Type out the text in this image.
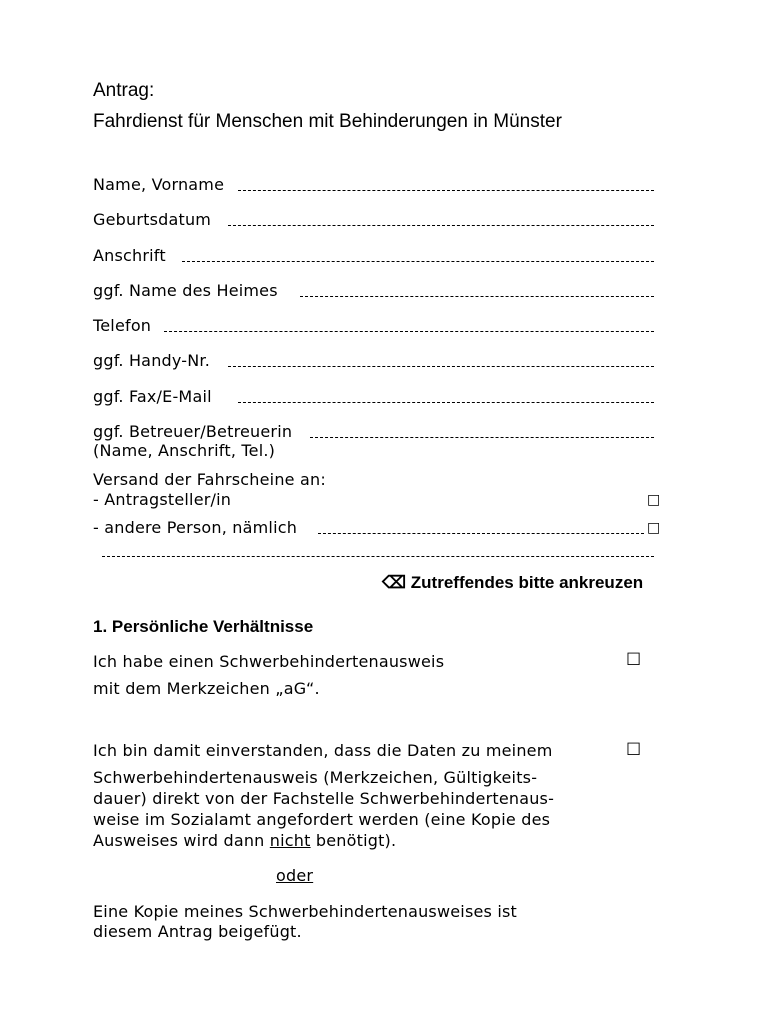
Antrag:
Fahrdienst für Menschen mit Behinderungen in Münster
Name, Vorname
Geburtsdatum
Anschrift
ggf. Name des Heimes
Telefon
ggf. Handy-Nr.
ggf. Fax/E-Mail
ggf. Betreuer/Betreuerin
(Name, Anschrift, Tel.)
Versand der Fahrscheine an:
- Antragsteller/in	□
- andere Person, nämlich	□
⌫ Zutreffendes bitte ankreuzen
1. Persönliche Verhältnisse
Ich habe einen Schwerbehindertenausweis	☐
mit dem Merkzeichen „aG“.
Ich bin damit einverstanden, dass die Daten zu meinem	☐
Schwerbehindertenausweis (Merkzeichen, Gültigkeits-
dauer) direkt von der Fachstelle Schwerbehindertenaus-
weise im Sozialamt angefordert werden (eine Kopie des
Ausweises wird dann nicht benötigt).
oder
Eine Kopie meines Schwerbehindertenausweises ist
diesem Antrag beigefügt.
